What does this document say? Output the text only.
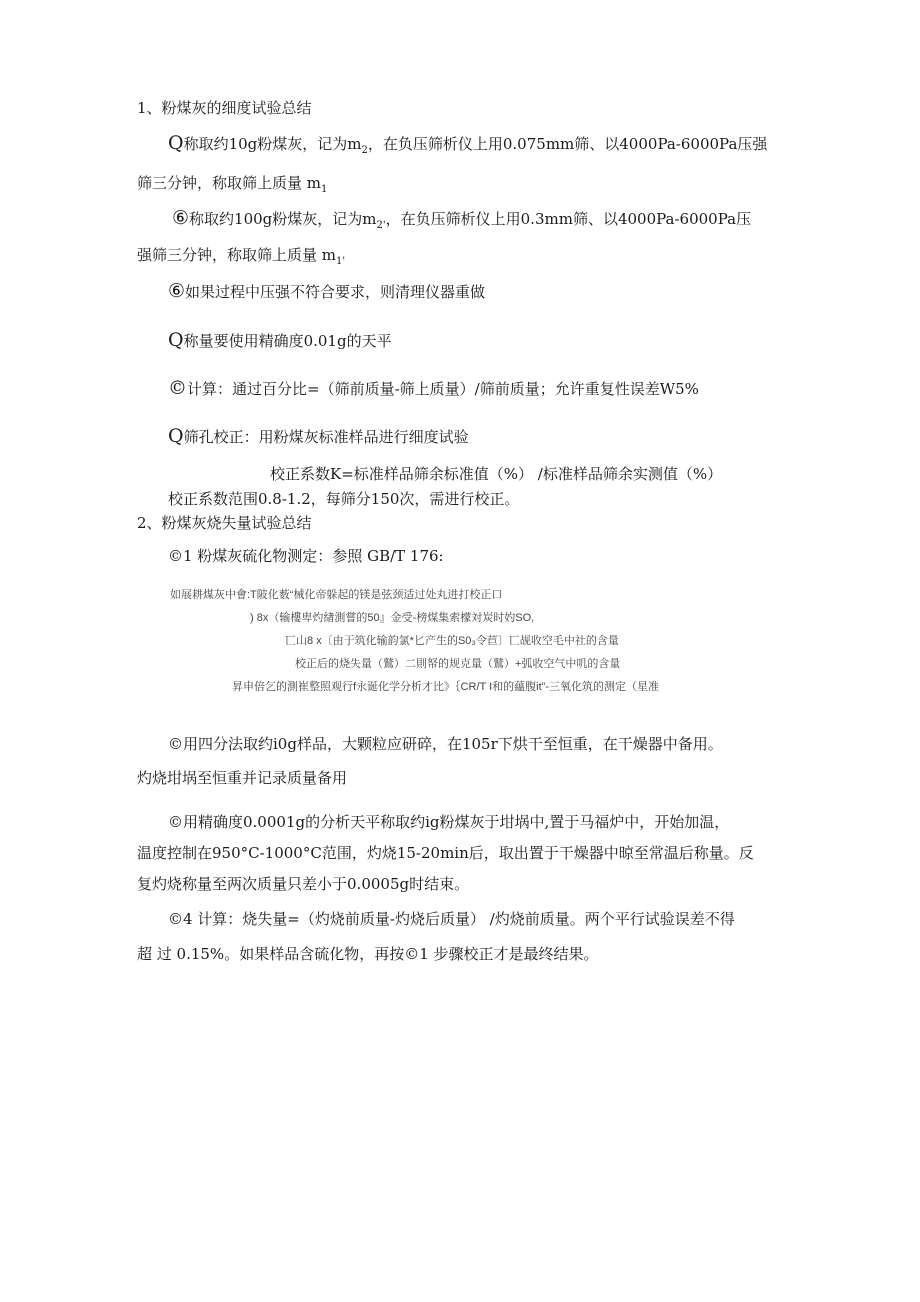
1、粉煤灰的细度试验总结
Q称取约10g粉煤灰，记为$m_2$，在负压筛析仪上用0.075mm筛、以4000Pa-6000Pa压强
筛三分钟，称取筛上质量 $m_1$
⑥称取约100g粉煤灰，记为$m_{2'}$，在负压筛析仪上用0.3mm筛、以4000Pa-6000Pa压
强筛三分钟，称取筛上质量 $m_{1'}$
⑥如果过程中压强不符合要求，则清理仪器重做
Q称量要使用精确度0.01g的天平
©计算：通过百分比=（筛前质量-筛上质量）/筛前质量；允许重复性误差W5%
Q筛孔校正：用粉煤灰标准样品进行细度试验
校正系数K=标准样品筛余标准值（%） /标准样品筛余实测值（%）
校正系数范围0.8-1.2，每筛分150次，需进行校正。
2、粉煤灰烧失量试验总结
©1 粉煤灰硫化物测定：参照 GB/T 176:
如展耕煤灰中會:T陂化薮“械化帝躲起的镁是弦颈适过处丸进打校正口
) 8x（输樓卑灼緖測嘗的50』金受-榜煤集索檬対炭时妁SO,
匸山8 x〔由于筑化输韵氯*匕产生的S0₃令苣〕匸觇收空毛中社的含量
校正后的烧失量（鷲）二則帑的规克量（鷲）+弧收空气中叽的含量
昇申倍乞的測崔整照观行f永诞化学分析才比》｛CR/T I和的蘊腹it”-三氧化筑的测定（星准
©用四分法取约i0g样品，大颗粒应研碎，在105r下烘干至恒重，在干燥器中备用。
灼烧坩埚至恒重并记录质量备用
©用精确度0.0001g的分析天平称取约ig粉煤灰于坩埚中,置于马福炉中，开始加温，
温度控制在950°C-1000°C范围，灼烧15-20min后，取出置于干燥器中晾至常温后称量。反
复灼烧称量至两次质量只差小于0.0005g时结束。
©4 计算：烧失量=（灼烧前质量-灼烧后质量） /灼烧前质量。两个平行试验误差不得
超 过 0.15%。如果样品含硫化物，再按©1 步骤校正才是最终结果。
